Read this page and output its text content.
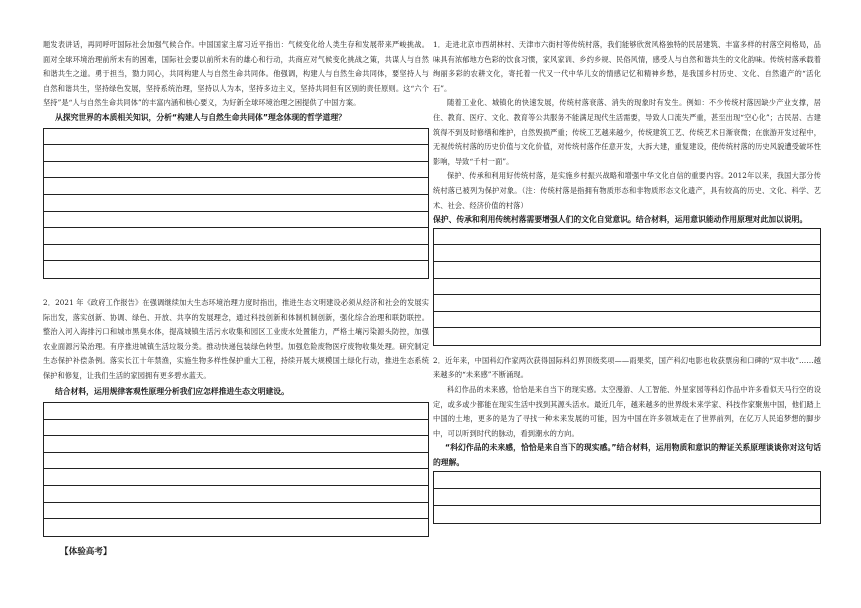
题发表讲话，再同呼吁国际社会加强气候合作。中国国家主席习近平指出：气候变化给人类生存和发展带来严峻挑战。面对全球环境治理前所未有的困难，国际社会要以前所未有的雄心和行动，共商应对气候变化挑战之策，共谋人与自然和谐共生之道。勇于担当，勠力同心，共同构建人与自然生命共同体。他强调，构建人与自然生命共同体，要坚持人与自然和谐共生，坚持绿色发展，坚持系统治理，坚持以人为本，坚持多边主义，坚持共同但有区别的责任原则。这“六个坚持”是“人与自然生命共同体”的丰富内涵和核心要义，为好新全球环境治理之困提供了中国方案。

从探究世界的本质相关知识，分析“构建人与自然生命共同体”理念体现的哲学道理？

2．2021 年《政府工作报告》在强调继续加大生态环境治理力度时指出，推进生态文明建设必须从经济和社会的发展实际出发，落实创新、协调、绿色、开放、共享的发展理念，通过科技创新和体制机制创新，强化综合治理和联防联控。整治入河入海排污口和城市黑臭水体，提高城镇生活污水收集和园区工业废水处置能力，严格土壤污染源头防控，加强农业面源污染治理。有序推进城镇生活垃圾分类。推动快递包装绿色转型。加强危险废物医疗废物收集处理。研究制定生态保护补偿条例。落实长江十年禁渔，实施生物多样性保护重大工程，持续开展大规模国土绿化行动，推进生态系统保护和修复，让我们生活的家园拥有更多碧水蓝天。

结合材料，运用规律客观性原理分析我们应怎样推进生态文明建设。

【体验高考】

1．走进北京市西胡林村、天津市六街村等传统村落，我们能够欣赏风格独特的民居建筑、丰富多样的村落空间格局，品味具有浓郁地方色彩的饮食习惯，家风家训、乡约乡规、民俗风情，感受人与自然和谐共生的文化韵味。传统村落承载着绚丽多彩的农耕文化，寄托着一代又一代中华儿女的情感记忆和精神乡愁，是我国乡村历史、文化、自然遗产的“活化石”。

随着工业化、城镇化的快速发展，传统村落衰落、消失的现象时有发生。例如：不少传统村落因缺少产业支撑，居住、教育、医疗、文化、教育等公共服务不能满足现代生活需要，导致人口流失严重，甚至出现“空心化”；古民居、古建筑得不到及时修缮和维护，自然毁损严重；传统工艺越来越少，传统建筑工艺、传统艺术日渐衰微；在旅游开发过程中，无视传统村落的历史价值与文化价值，对传统村落作任意开发，大拆大建，重复建设，使传统村落的历史风貌遭受破坏性影响，导致“千村一面”。

保护、传承和利用好传统村落，是实施乡村振兴战略和增强中华文化自信的重要内容。2012年以来，我国大部分传统村落已被列为保护对象。（注：传统村落是指拥有物质形态和非物质形态文化遗产，具有较高的历史、文化、科学、艺术、社会、经济价值的村落）

保护、传承和利用传统村落需要增强人们的文化自觉意识。结合材料，运用意识能动作用原理对此加以说明。

2．近年来，中国科幻作家两次获得国际科幻界顶级奖项——雨果奖，国产科幻电影也收获票房和口碑的“双丰收”……越来越多的“未来感”不断涌现。

科幻作品的未来感，恰恰是来自当下的现实感。太空漫游、人工智能、外星家园等科幻作品中许多看似天马行空的设定，或多或少都能在现实生活中找到其源头活水。最近几年，越来越多的世界级未来学家、科技作家聚焦中国，他们踏上中国的土地，更多的是为了寻找一种未来发展的可能，因为中国在许多领域走在了世界前列，在亿万人民追梦想的脚步中，可以听到时代的脉动，看到潮水的方向。

“科幻作品的未来感，恰恰是来自当下的现实感。”结合材料，运用物质和意识的辩证关系原理谈谈你对这句话的理解。
